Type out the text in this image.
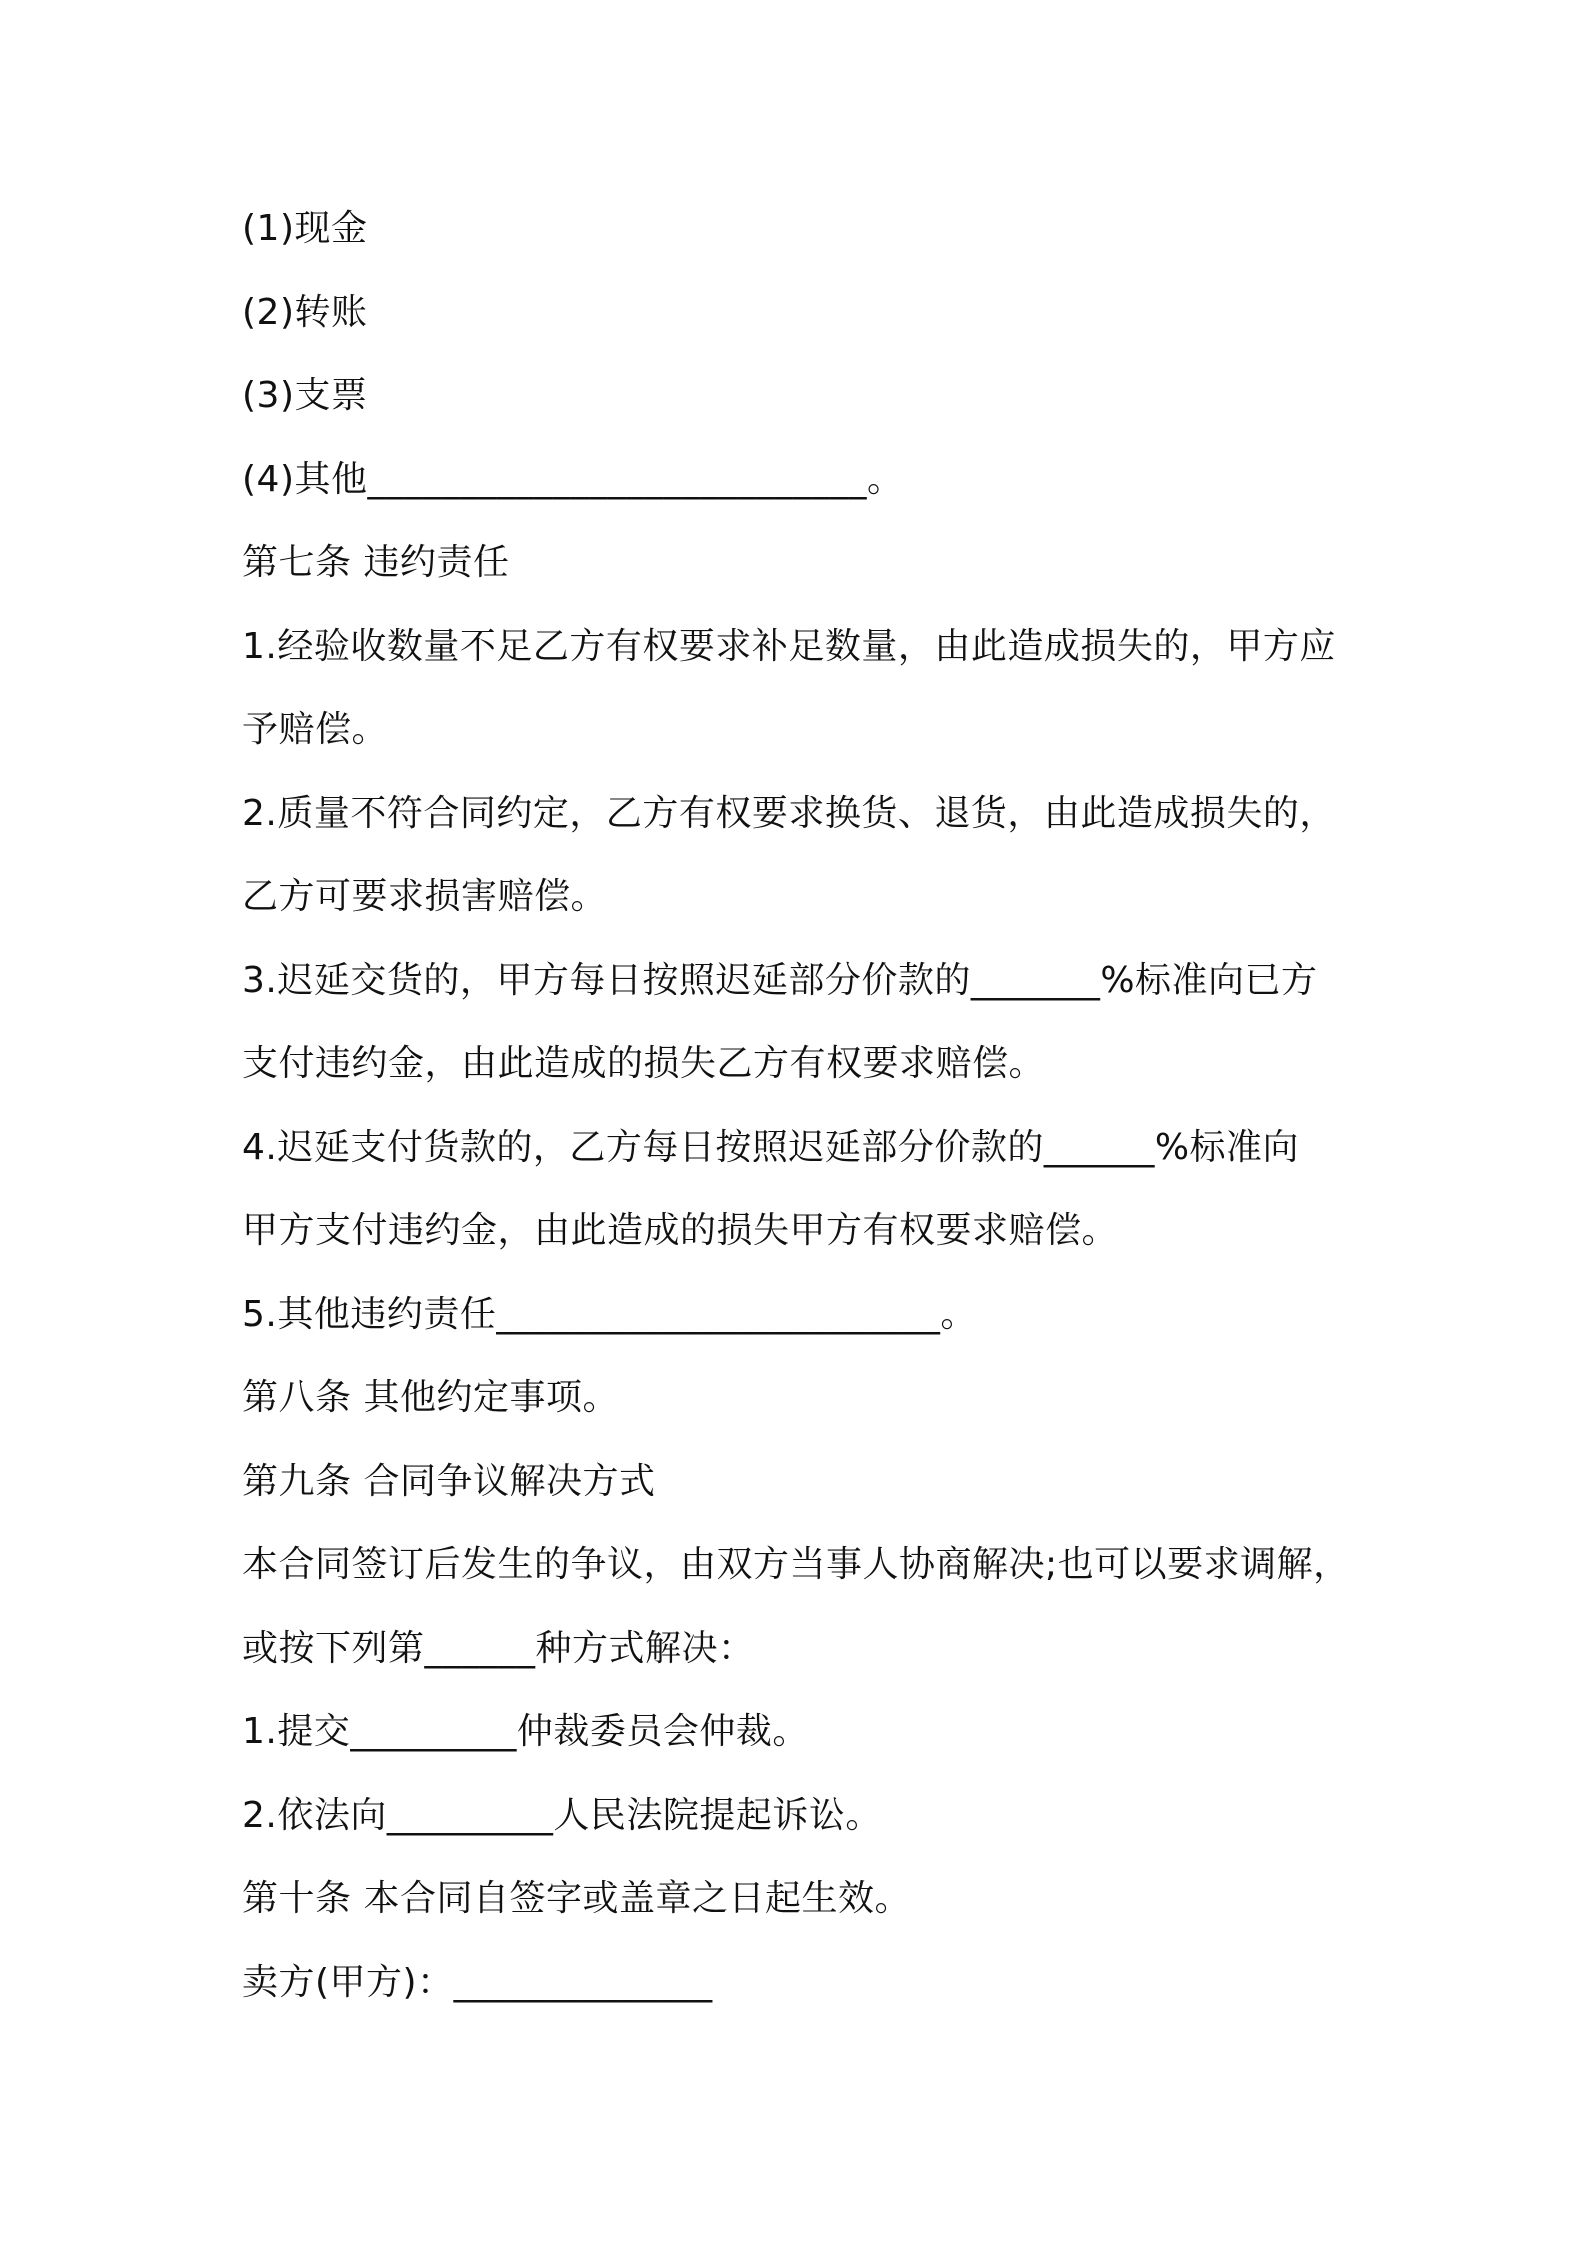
(1)现金
(2)转账
(3)支票
(4)其他___________________________。
第七条 违约责任
1.经验收数量不足乙方有权要求补足数量，由此造成损失的，甲方应
予赔偿。
2.质量不符合同约定，乙方有权要求换货、退货，由此造成损失的，
乙方可要求损害赔偿。
3.迟延交货的，甲方每日按照迟延部分价款的_______%标准向已方
支付违约金，由此造成的损失乙方有权要求赔偿。
4.迟延支付货款的，乙方每日按照迟延部分价款的______%标准向
甲方支付违约金，由此造成的损失甲方有权要求赔偿。
5.其他违约责任________________________。
第八条 其他约定事项。
第九条 合同争议解决方式
本合同签订后发生的争议，由双方当事人协商解决;也可以要求调解，
或按下列第______种方式解决：
1.提交_________仲裁委员会仲裁。
2.依法向_________人民法院提起诉讼。
第十条 本合同自签字或盖章之日起生效。
卖方(甲方)：______________
